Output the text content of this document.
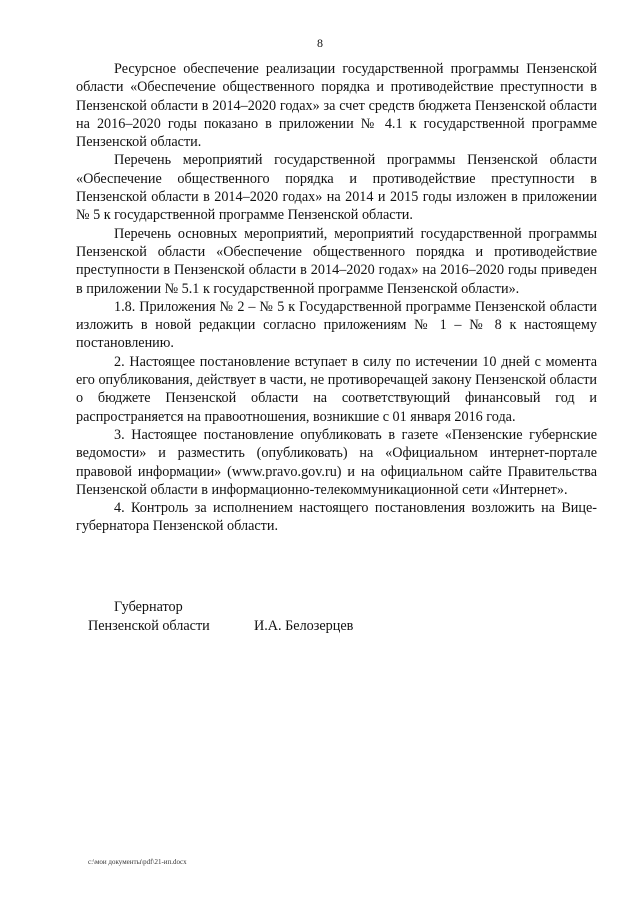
8

Ресурсное обеспечение реализации государственной программы Пензенской области «Обеспечение общественного порядка и противодействие преступности в Пензенской области в 2014–2020 годах» за счет средств бюджета Пензенской области на 2016–2020 годы показано в приложении № 4.1 к государственной программе Пензенской области.

Перечень мероприятий государственной программы Пензенской области «Обеспечение общественного порядка и противодействие преступности в Пензенской области в 2014–2020 годах» на 2014 и 2015 годы изложен в приложении № 5 к государственной программе Пензенской области.

Перечень основных мероприятий, мероприятий государственной программы Пензенской области «Обеспечение общественного порядка и противодействие преступности в Пензенской области в 2014–2020 годах» на 2016–2020 годы приведен в приложении № 5.1 к государственной программе Пензенской области».

1.8. Приложения № 2 – № 5 к Государственной программе Пензенской области изложить в новой редакции согласно приложениям № 1 – № 8 к настоящему постановлению.

2. Настоящее постановление вступает в силу по истечении 10 дней с момента его опубликования, действует в части, не противоречащей закону Пензенской области о бюджете Пензенской области на соответствующий финансовый год и распространяется на правоотношения, возникшие с 01 января 2016 года.

3. Настоящее постановление опубликовать в газете «Пензенские губернские ведомости» и разместить (опубликовать) на «Официальном интернет-портале правовой информации» (www.pravo.gov.ru) и на официальном сайте Правительства Пензенской области в информационно-телекоммуникационной сети «Интернет».

4. Контроль за исполнением настоящего постановления возложить на Вице-губернатора Пензенской области.

Губернатор
Пензенской области	И.А. Белозерцев
c:\мои документы\pdf\21-ип.docx
